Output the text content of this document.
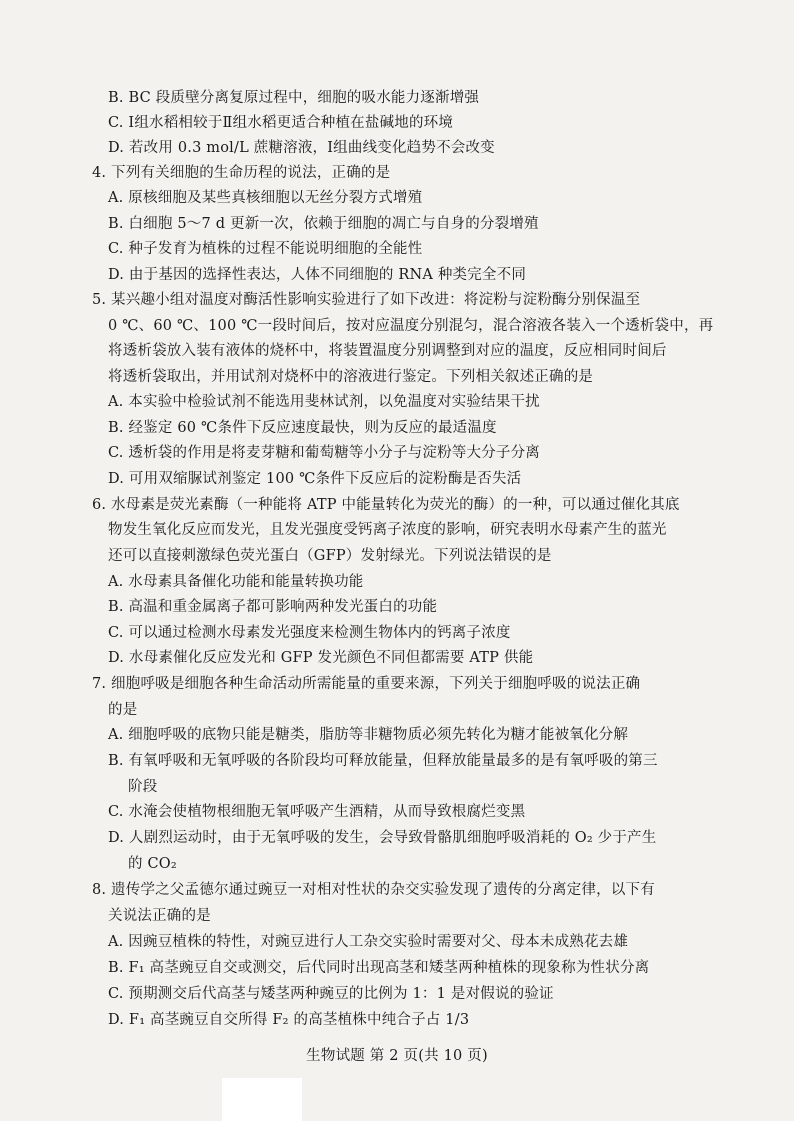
B. BC 段质壁分离复原过程中，细胞的吸水能力逐渐增强
C. Ⅰ组水稻相较于Ⅱ组水稻更适合种植在盐碱地的环境
D. 若改用 0.3 mol/L 蔗糖溶液，Ⅰ组曲线变化趋势不会改变
4. 下列有关细胞的生命历程的说法，正确的是
A. 原核细胞及某些真核细胞以无丝分裂方式增殖
B. 白细胞 5～7 d 更新一次，依赖于细胞的凋亡与自身的分裂增殖
C. 种子发育为植株的过程不能说明细胞的全能性
D. 由于基因的选择性表达，人体不同细胞的 RNA 种类完全不同
5. 某兴趣小组对温度对酶活性影响实验进行了如下改进：将淀粉与淀粉酶分别保温至
0 ℃、60 ℃、100 ℃一段时间后，按对应温度分别混匀，混合溶液各装入一个透析袋中，再
将透析袋放入装有液体的烧杯中，将装置温度分别调整到对应的温度，反应相同时间后
将透析袋取出，并用试剂对烧杯中的溶液进行鉴定。下列相关叙述正确的是
A. 本实验中检验试剂不能选用斐林试剂，以免温度对实验结果干扰
B. 经鉴定 60 ℃条件下反应速度最快，则为反应的最适温度
C. 透析袋的作用是将麦芽糖和葡萄糖等小分子与淀粉等大分子分离
D. 可用双缩脲试剂鉴定 100 ℃条件下反应后的淀粉酶是否失活
6. 水母素是荧光素酶（一种能将 ATP 中能量转化为荧光的酶）的一种，可以通过催化其底
物发生氧化反应而发光，且发光强度受钙离子浓度的影响，研究表明水母素产生的蓝光
还可以直接刺激绿色荧光蛋白（GFP）发射绿光。下列说法错误的是
A. 水母素具备催化功能和能量转换功能
B. 高温和重金属离子都可影响两种发光蛋白的功能
C. 可以通过检测水母素发光强度来检测生物体内的钙离子浓度
D. 水母素催化反应发光和 GFP 发光颜色不同但都需要 ATP 供能
7. 细胞呼吸是细胞各种生命活动所需能量的重要来源，下列关于细胞呼吸的说法正确
的是
A. 细胞呼吸的底物只能是糖类，脂肪等非糖物质必须先转化为糖才能被氧化分解
B. 有氧呼吸和无氧呼吸的各阶段均可释放能量，但释放能量最多的是有氧呼吸的第三
阶段
C. 水淹会使植物根细胞无氧呼吸产生酒精，从而导致根腐烂变黑
D. 人剧烈运动时，由于无氧呼吸的发生，会导致骨骼肌细胞呼吸消耗的 O₂ 少于产生
的 CO₂
8. 遗传学之父孟德尔通过豌豆一对相对性状的杂交实验发现了遗传的分离定律，以下有
关说法正确的是
A. 因豌豆植株的特性，对豌豆进行人工杂交实验时需要对父、母本未成熟花去雄
B. F₁ 高茎豌豆自交或测交，后代同时出现高茎和矮茎两种植株的现象称为性状分离
C. 预期测交后代高茎与矮茎两种豌豆的比例为 1：1 是对假说的验证
D. F₁ 高茎豌豆自交所得 F₂ 的高茎植株中纯合子占 1/3
生物试题 第 2 页(共 10 页)
